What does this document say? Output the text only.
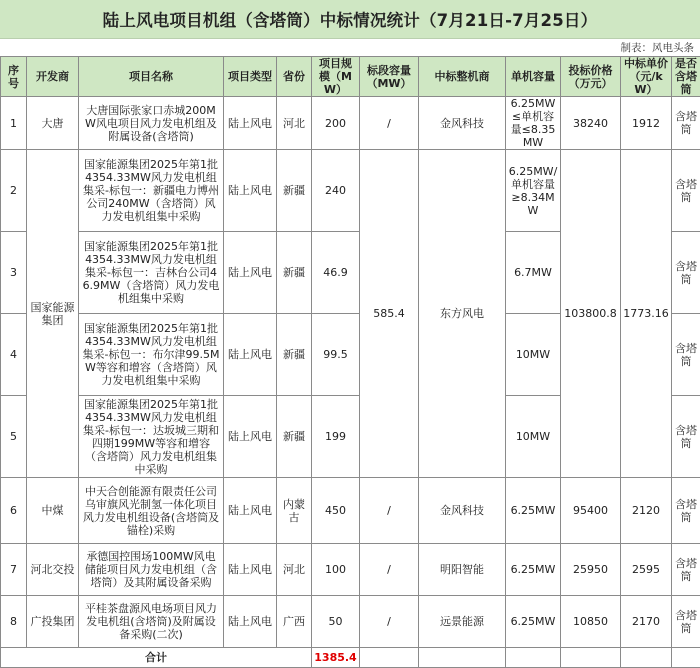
陆上风电项目机组（含塔筒）中标情况统计（7月21日-7月25日）
制表：风电头条
序号	开发商	项目名称	项目类型	省份	项目规模（MW）	标段容量（MW）	中标整机商	单机容量	投标价格（万元）	中标单价（元/kW）	是否含塔筒
1	大唐	大唐国际张家口赤城200MW风电项目风力发电机组及附属设备(含塔筒)	陆上风电	河北	200	/	金风科技	6.25MW≤单机容量≤8.35MW	38240	1912	含塔筒
2	国家能源集团	国家能源集团2025年第1批4354.33MW风力发电机组集采-标包一：新疆电力博州公司240MW（含塔筒）风力发电机组集中采购	陆上风电	新疆	240	585.4	东方风电	6.25MW/单机容量≥8.34MW	103800.8	1773.16	含塔筒
3		国家能源集团2025年第1批4354.33MW风力发电机组集采-标包一：吉林台公司46.9MW（含塔筒）风力发电机组集中采购	陆上风电	新疆	46.9			6.7MW			含塔筒
4		国家能源集团2025年第1批4354.33MW风力发电机组集采-标包一：布尔津99.5MW等容和增容（含塔筒）风力发电机组集中采购	陆上风电	新疆	99.5			10MW			含塔筒
5		国家能源集团2025年第1批4354.33MW风力发电机组集采-标包一：达坂城三期和四期199MW等容和增容（含塔筒）风力发电机组集中采购	陆上风电	新疆	199			10MW			含塔筒
6	中煤	中天合创能源有限责任公司乌审旗风光制氢一体化项目风力发电机组设备(含塔筒及锚栓)采购	陆上风电	内蒙古	450	/	金风科技	6.25MW	95400	2120	含塔筒
7	河北交投	承德国控围场100MW风电储能项目风力发电机组（含塔筒）及其附属设备采购	陆上风电	河北	100	/	明阳智能	6.25MW	25950	2595	含塔筒
8	广投集团	平桂茶盘源风电场项目风力发电机组(含塔筒)及附属设备采购(二次)	陆上风电	广西	50	/	远景能源	6.25MW	10850	2170	含塔筒
合计					1385.4						
